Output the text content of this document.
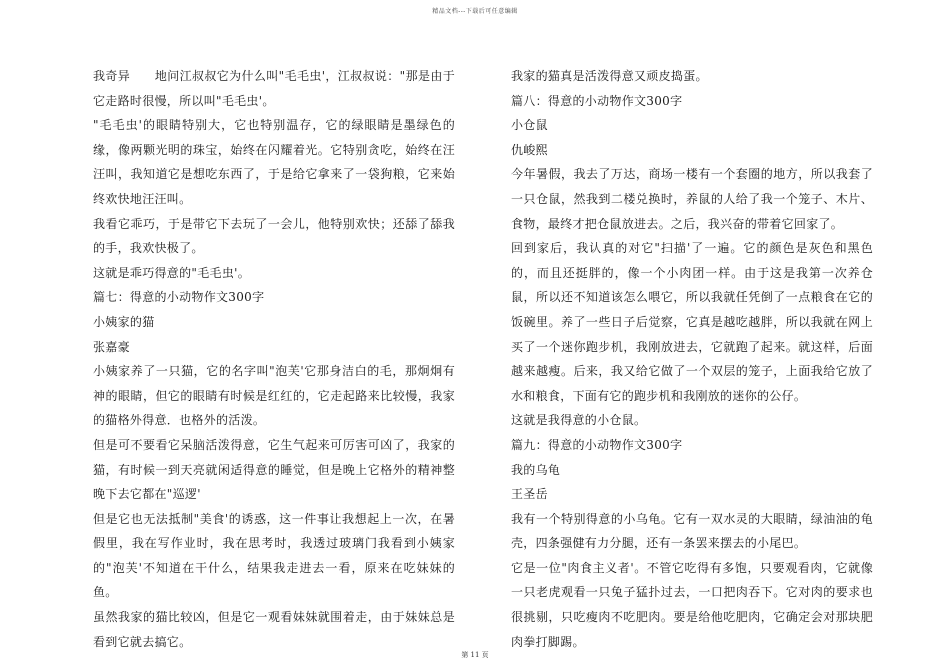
精品文档---下载后可任意编辑

我奇异　　地问江叔叔它为什么叫"毛毛虫'，江叔叔说："那是由于它走路时很慢，所以叫"毛毛虫'。

"毛毛虫'的眼睛特别大，它也特别温存，它的绿眼睛是墨绿色的缘，像两颗光明的珠宝，始终在闪耀着光。它特别贪吃，始终在汪汪叫，我知道它是想吃东西了，于是给它拿来了一袋狗粮，它来始终欢快地汪汪叫。

我看它乖巧，于是带它下去玩了一会儿，他特别欢快；还舔了舔我的手，我欢快极了。

这就是乖巧得意的"毛毛虫'。

篇七：得意的小动物作文300字

小姨家的猫

张嘉豪

小姨家养了一只猫，它的名字叫"泡芙'它那身洁白的毛，那炯炯有神的眼睛，但它的眼睛有时候是红红的，它走起路来比较慢，我家的猫格外得意．也格外的活泼。

但是可不要看它呆脑活泼得意，它生气起来可厉害可凶了，我家的猫，有时候一到天亮就闲适得意的睡觉，但是晚上它格外的精神整晚下去它都在"巡逻'

但是它也无法抵制"美食'的诱惑，这一件事让我想起上一次，在暑假里，我在写作业时，我在思考时，我透过玻璃门我看到小姨家的"泡芙'不知道在干什么，结果我走进去一看，原来在吃妹妹的鱼。

虽然我家的猫比较凶，但是它一观看妹妹就围着走，由于妹妹总是看到它就去搞它。

我家的猫真是活泼得意又顽皮捣蛋。

篇八：得意的小动物作文300字

小仓鼠

仇峻熙

今年暑假，我去了万达，商场一楼有一个套圈的地方，所以我套了一只仓鼠，然我到二楼兑换时，养鼠的人给了我一个笼子、木片、食物，最终才把仓鼠放进去。之后，我兴奋的带着它回家了。

回到家后，我认真的对它"扫描'了一遍。它的颜色是灰色和黑色的，而且还挺胖的，像一个小肉团一样。由于这是我第一次养仓鼠，所以还不知道该怎么喂它，所以我就任凭倒了一点粮食在它的饭碗里。养了一些日子后觉察，它真是越吃越胖，所以我就在网上买了一个迷你跑步机，我刚放进去，它就跑了起来。就这样，后面越来越瘦。后来，我又给它做了一个双层的笼子，上面我给它放了水和粮食，下面有它的跑步机和我刚放的迷你的公仔。

这就是我得意的小仓鼠。

篇九：得意的小动物作文300字

我的乌龟

王圣岳

我有一个特别得意的小乌龟。它有一双水灵的大眼睛，绿油油的龟壳，四条强健有力分腿，还有一条罢来摆去的小尾巴。

它是一位"肉食主义者'。不管它吃得有多饱，只要观看肉，它就像一只老虎观看一只兔子猛扑过去，一口把肉吞下。它对肉的要求也很挑剔，只吃瘦肉不吃肥肉。要是给他吃肥肉，它确定会对那块肥肉拳打脚踢。

第 11 页
